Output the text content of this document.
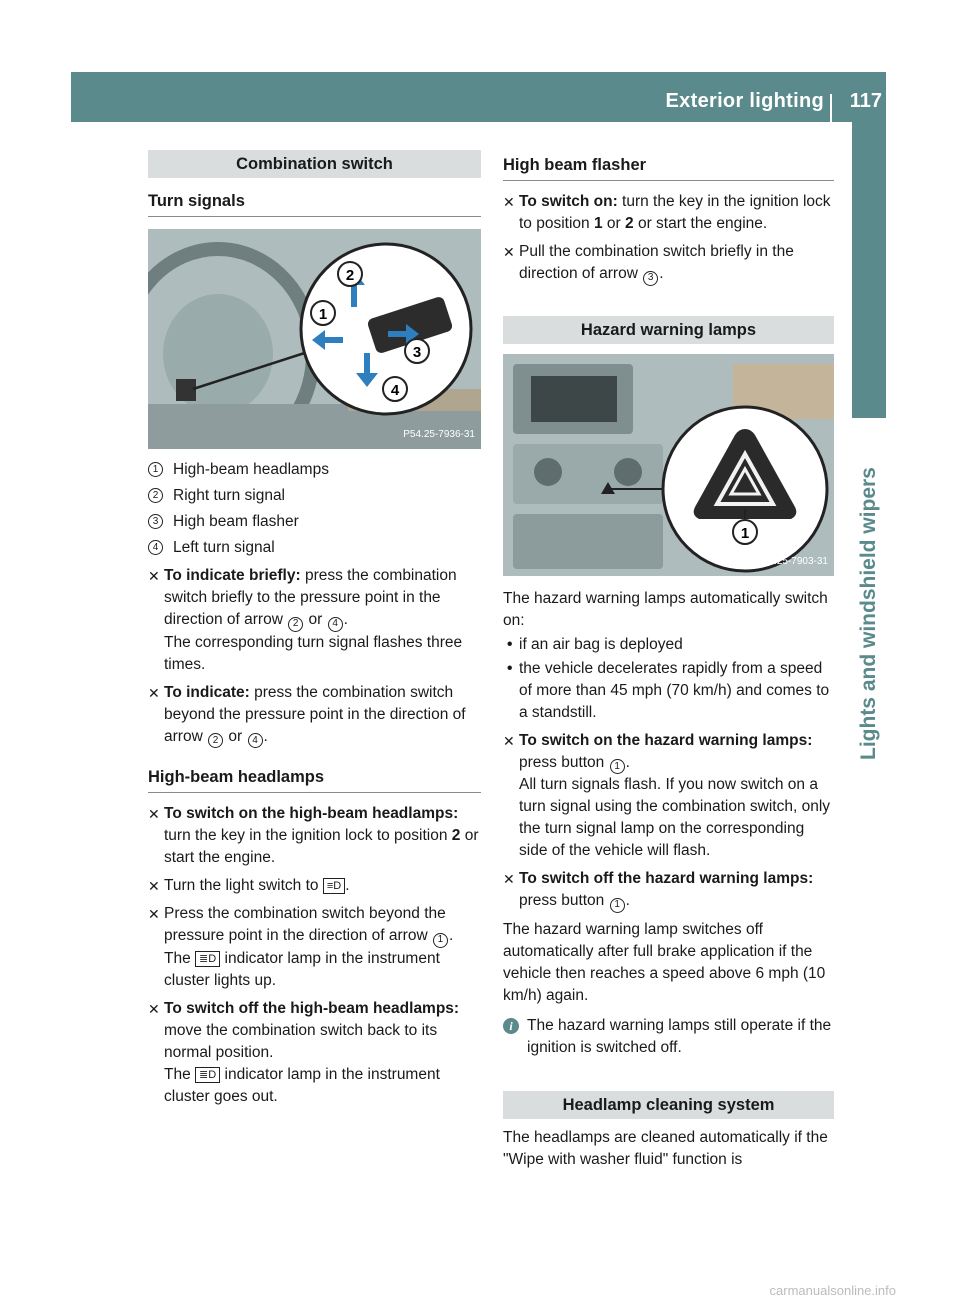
Exterior lighting 117
Lights and windshield wipers
Combination switch
Turn signals
2
1
3
4
P54.25-7936-31
1 High-beam headlamps
2 Right turn signal
3 High beam flasher
4 Left turn signal
✕ To indicate briefly: press the combination switch briefly to the pressure point in the direction of arrow 2 or 4 .
The corresponding turn signal flashes three times.
✕ To indicate: press the combination switch beyond the pressure point in the direction of arrow 2 or 4 .
High-beam headlamps
✕ To switch on the high-beam headlamps: turn the key in the ignition lock to position 2 or start the engine.
✕ Turn the light switch to ≡D .
✕ Press the combination switch beyond the pressure point in the direction of arrow 1 .
The ≣D indicator lamp in the instrument cluster lights up.
✕ To switch off the high-beam headlamps: move the combination switch back to its normal position.
The ≣D indicator lamp in the instrument cluster goes out.
High beam flasher
✕ To switch on: turn the key in the ignition lock to position 1 or 2 or start the engine.
✕ Pull the combination switch briefly in the direction of arrow 3 .
Hazard warning lamps
1
P54.25-7903-31
The hazard warning lamps automatically switch on:
• if an air bag is deployed
• the vehicle decelerates rapidly from a speed of more than 45 mph (70 km/h) and comes to a standstill.
✕ To switch on the hazard warning lamps: press button 1 .
All turn signals flash. If you now switch on a turn signal using the combination switch, only the turn signal lamp on the corresponding side of the vehicle will flash.
✕ To switch off the hazard warning lamps: press button 1 .
The hazard warning lamp switches off automatically after full brake application if the vehicle then reaches a speed above 6 mph (10 km/h) again.
i The hazard warning lamps still operate if the ignition is switched off.
Headlamp cleaning system
The headlamps are cleaned automatically if the "Wipe with washer fluid" function is
carmanualsonline.info
